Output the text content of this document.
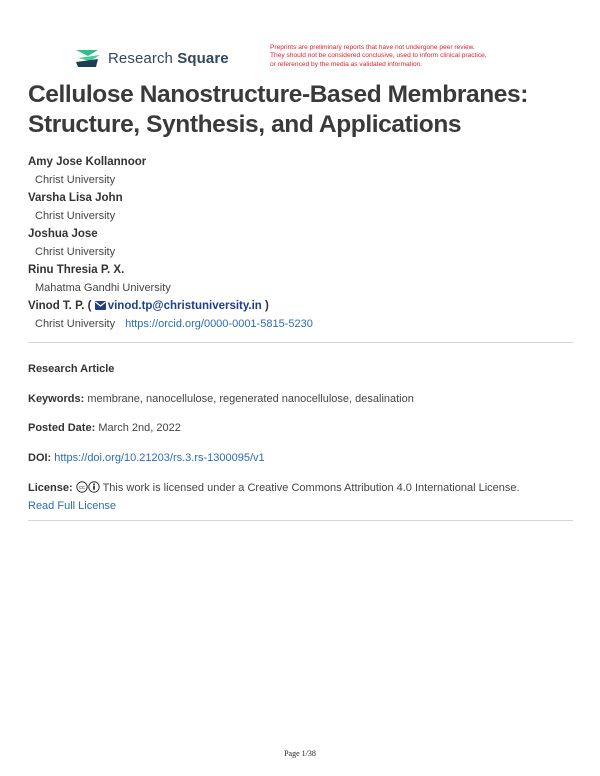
Research Square
Preprints are preliminary reports that have not undergone peer review.
They should not be considered conclusive, used to inform clinical practice,
or referenced by the media as validated information.
Cellulose Nanostructure-Based Membranes:
Structure, Synthesis, and Applications
Amy Jose Kollannoor
Christ University
Varsha Lisa John
Christ University
Joshua Jose
Christ University
Rinu Thresia P. X.
Mahatma Gandhi University
Vinod T. P. ( vinod.tp@christuniversity.in )
Christ University https://orcid.org/0000-0001-5815-5230
Research Article
Keywords: membrane, nanocellulose, regenerated nanocellulose, desalination
Posted Date: March 2nd, 2022
DOI: https://doi.org/10.21203/rs.3.rs-1300095/v1
License: cc This work is licensed under a Creative Commons Attribution 4.0 International License.
Read Full License
Page 1/38
